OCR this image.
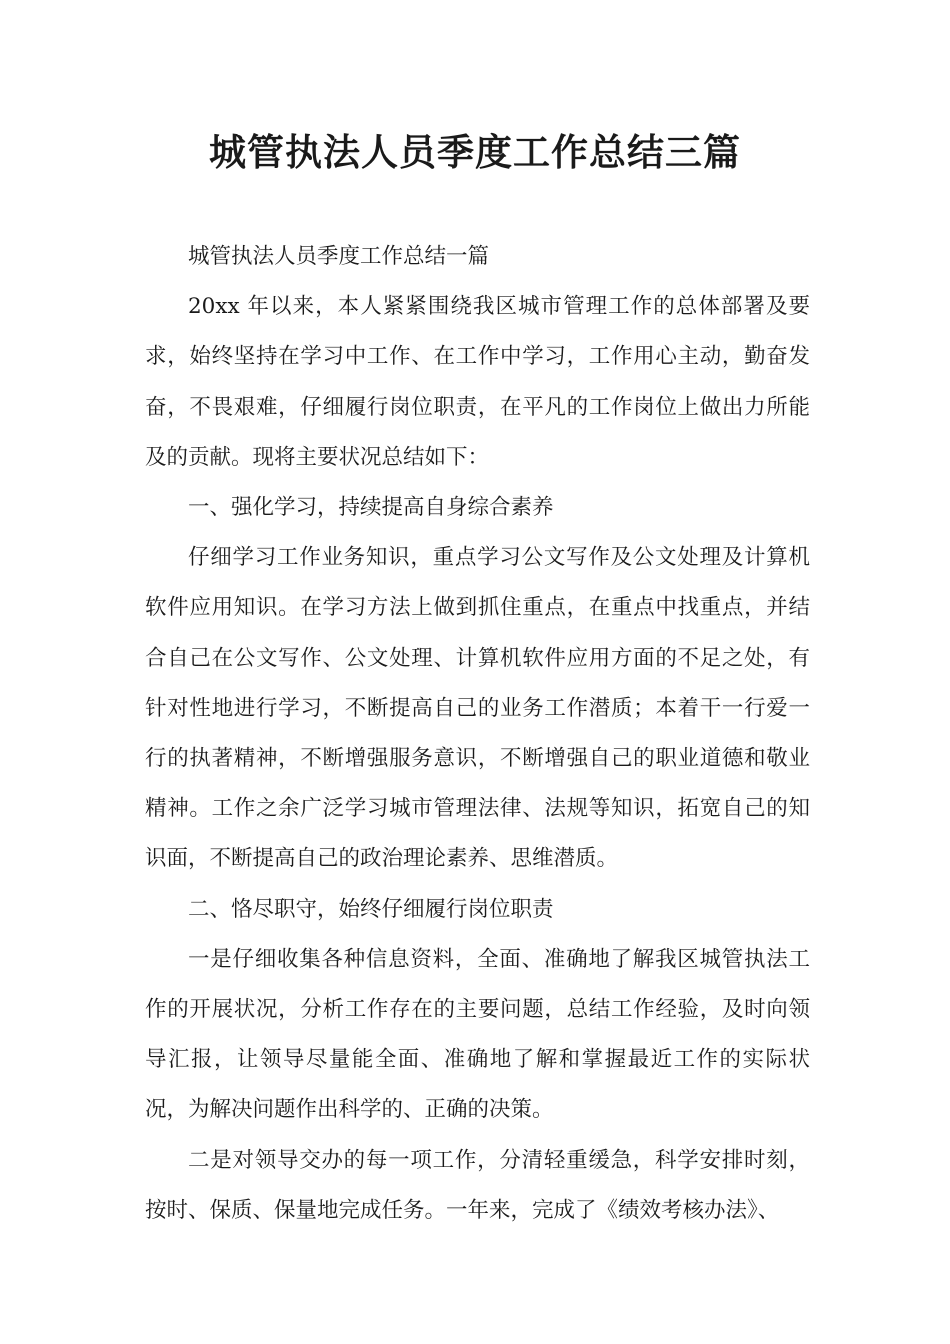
城管执法人员季度工作总结三篇

城管执法人员季度工作总结一篇

20xx 年以来，本人紧紧围绕我区城市管理工作的总体部署及要求，始终坚持在学习中工作、在工作中学习，工作用心主动，勤奋发奋，不畏艰难，仔细履行岗位职责，在平凡的工作岗位上做出力所能及的贡献。现将主要状况总结如下：

一、强化学习，持续提高自身综合素养

仔细学习工作业务知识，重点学习公文写作及公文处理及计算机软件应用知识。在学习方法上做到抓住重点，在重点中找重点，并结合自己在公文写作、公文处理、计算机软件应用方面的不足之处，有针对性地进行学习，不断提高自己的业务工作潜质；本着干一行爱一行的执著精神，不断增强服务意识，不断增强自己的职业道德和敬业精神。工作之余广泛学习城市管理法律、法规等知识，拓宽自己的知识面，不断提高自己的政治理论素养、思维潜质。

二、恪尽职守，始终仔细履行岗位职责

一是仔细收集各种信息资料，全面、准确地了解我区城管执法工作的开展状况，分析工作存在的主要问题，总结工作经验，及时向领导汇报，让领导尽量能全面、准确地了解和掌握最近工作的实际状况，为解决问题作出科学的、正确的决策。

二是对领导交办的每一项工作，分清轻重缓急，科学安排时刻，按时、保质、保量地完成任务。一年来，完成了《绩效考核办法》、
